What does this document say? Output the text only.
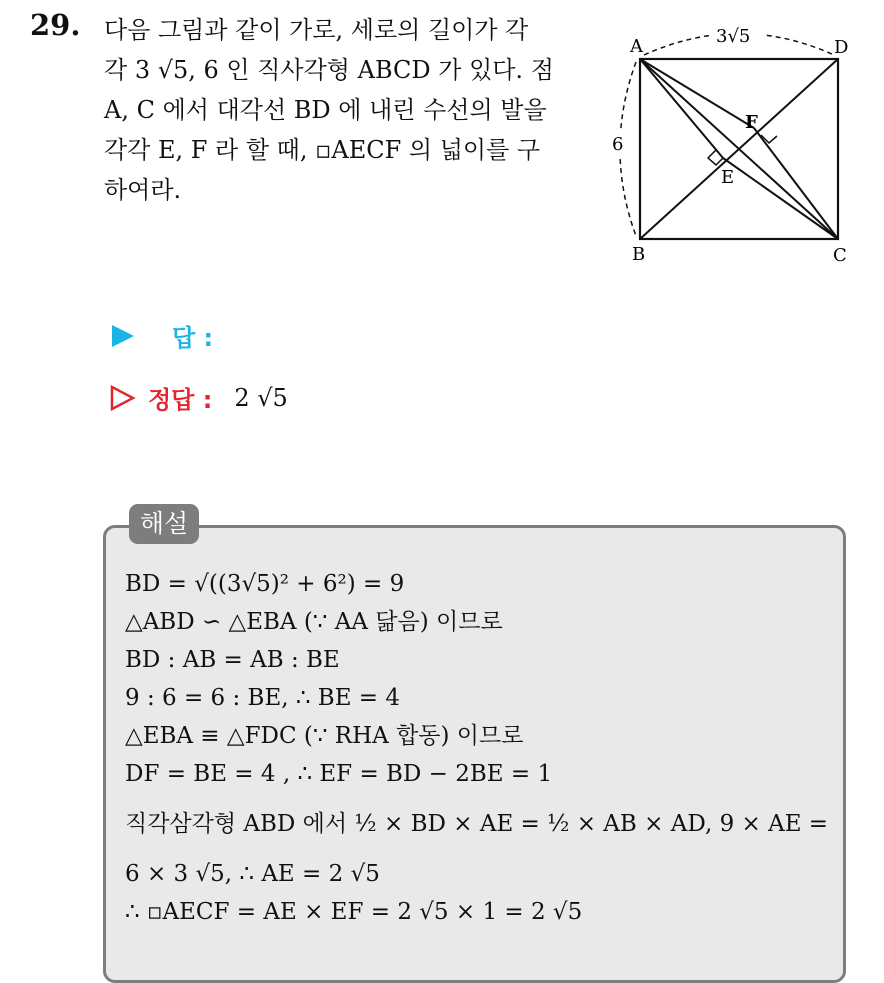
29. 다음 그림과 같이 가로, 세로의 길이가 각
각 3 √5, 6 인 직사각형 ABCD 가 있다. 점
A, C 에서 대각선 BD 에 내린 수선의 발을
각각 E, F 라 할 때, ▫AECF 의 넓이를 구
하여라.
3√5
6
A	D
B	C
F
E
답 :
정답 : 2 √5
해설
BD = √((3√5)² + 6²) = 9
△ABD ∽ △EBA (∵ AA 닮음) 이므로
BD : AB = AB : BE
9 : 6 = 6 : BE, ∴ BE = 4
△EBA ≡ △FDC (∵ RHA 합동) 이므로
DF = BE = 4 , ∴ EF = BD − 2BE = 1
직각삼각형 ABD 에서 ½ × BD × AE = ½ × AB × AD, 9 × AE =
6 × 3 √5, ∴ AE = 2 √5
∴ ▫AECF = AE × EF = 2 √5 × 1 = 2 √5
